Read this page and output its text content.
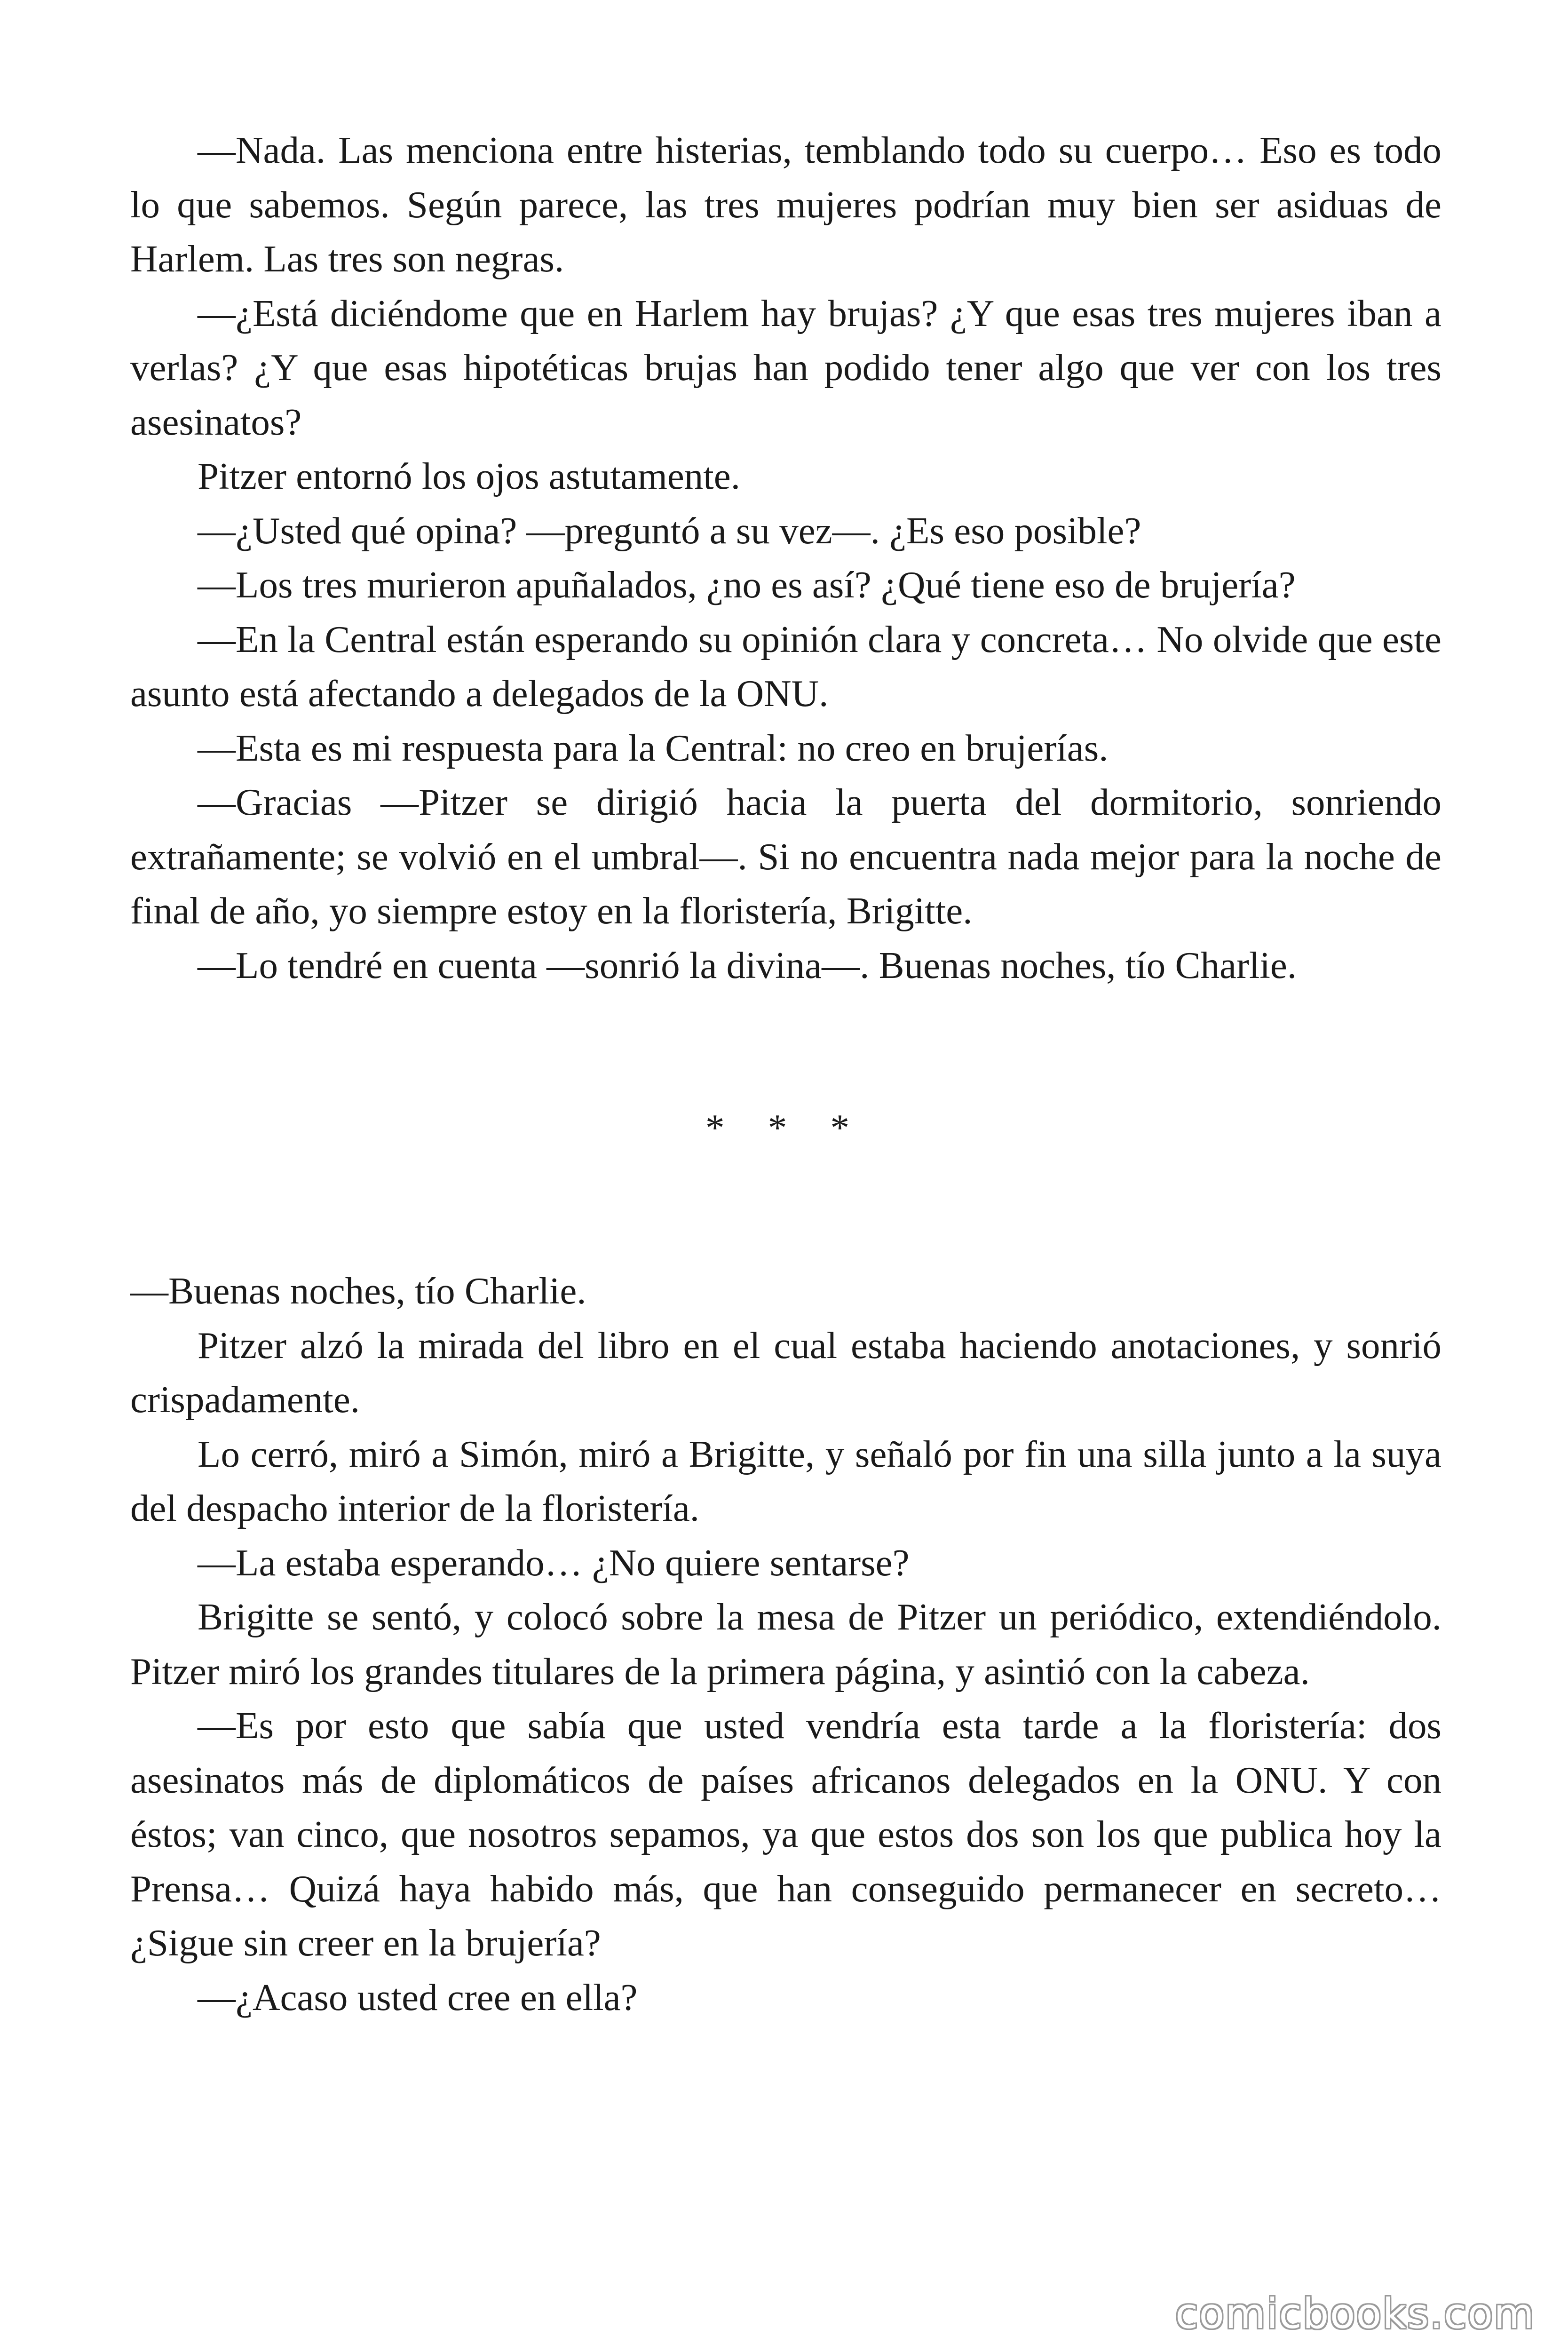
—Nada. Las menciona entre histerias, temblando todo su cuerpo… Eso es todo lo que sabemos. Según parece, las tres mujeres podrían muy bien ser asiduas de Harlem. Las tres son negras.

—¿Está diciéndome que en Harlem hay brujas? ¿Y que esas tres mujeres iban a verlas? ¿Y que esas hipotéticas brujas han podido tener algo que ver con los tres asesinatos?

Pitzer entornó los ojos astutamente.

—¿Usted qué opina? —preguntó a su vez—. ¿Es eso posible?

—Los tres murieron apuñalados, ¿no es así? ¿Qué tiene eso de brujería?

—En la Central están esperando su opinión clara y concreta… No olvide que este asunto está afectando a delegados de la ONU.

—Esta es mi respuesta para la Central: no creo en brujerías.

—Gracias —Pitzer se dirigió hacia la puerta del dormitorio, sonriendo extrañamente; se volvió en el umbral—. Si no encuentra nada mejor para la noche de final de año, yo siempre estoy en la floristería, Brigitte.

—Lo tendré en cuenta —sonrió la divina—. Buenas noches, tío Charlie.

* * *

—Buenas noches, tío Charlie.

Pitzer alzó la mirada del libro en el cual estaba haciendo anotaciones, y sonrió crispadamente.

Lo cerró, miró a Simón, miró a Brigitte, y señaló por fin una silla junto a la suya del despacho interior de la floristería.

—La estaba esperando… ¿No quiere sentarse?

Brigitte se sentó, y colocó sobre la mesa de Pitzer un periódico, extendiéndolo. Pitzer miró los grandes titulares de la primera página, y asintió con la cabeza.

—Es por esto que sabía que usted vendría esta tarde a la floristería: dos asesinatos más de diplomáticos de países africanos delegados en la ONU. Y con éstos; van cinco, que nosotros sepamos, ya que estos dos son los que publica hoy la Prensa… Quizá haya habido más, que han conseguido permanecer en secreto… ¿Sigue sin creer en la brujería?

—¿Acaso usted cree en ella?

comicbooks.com
